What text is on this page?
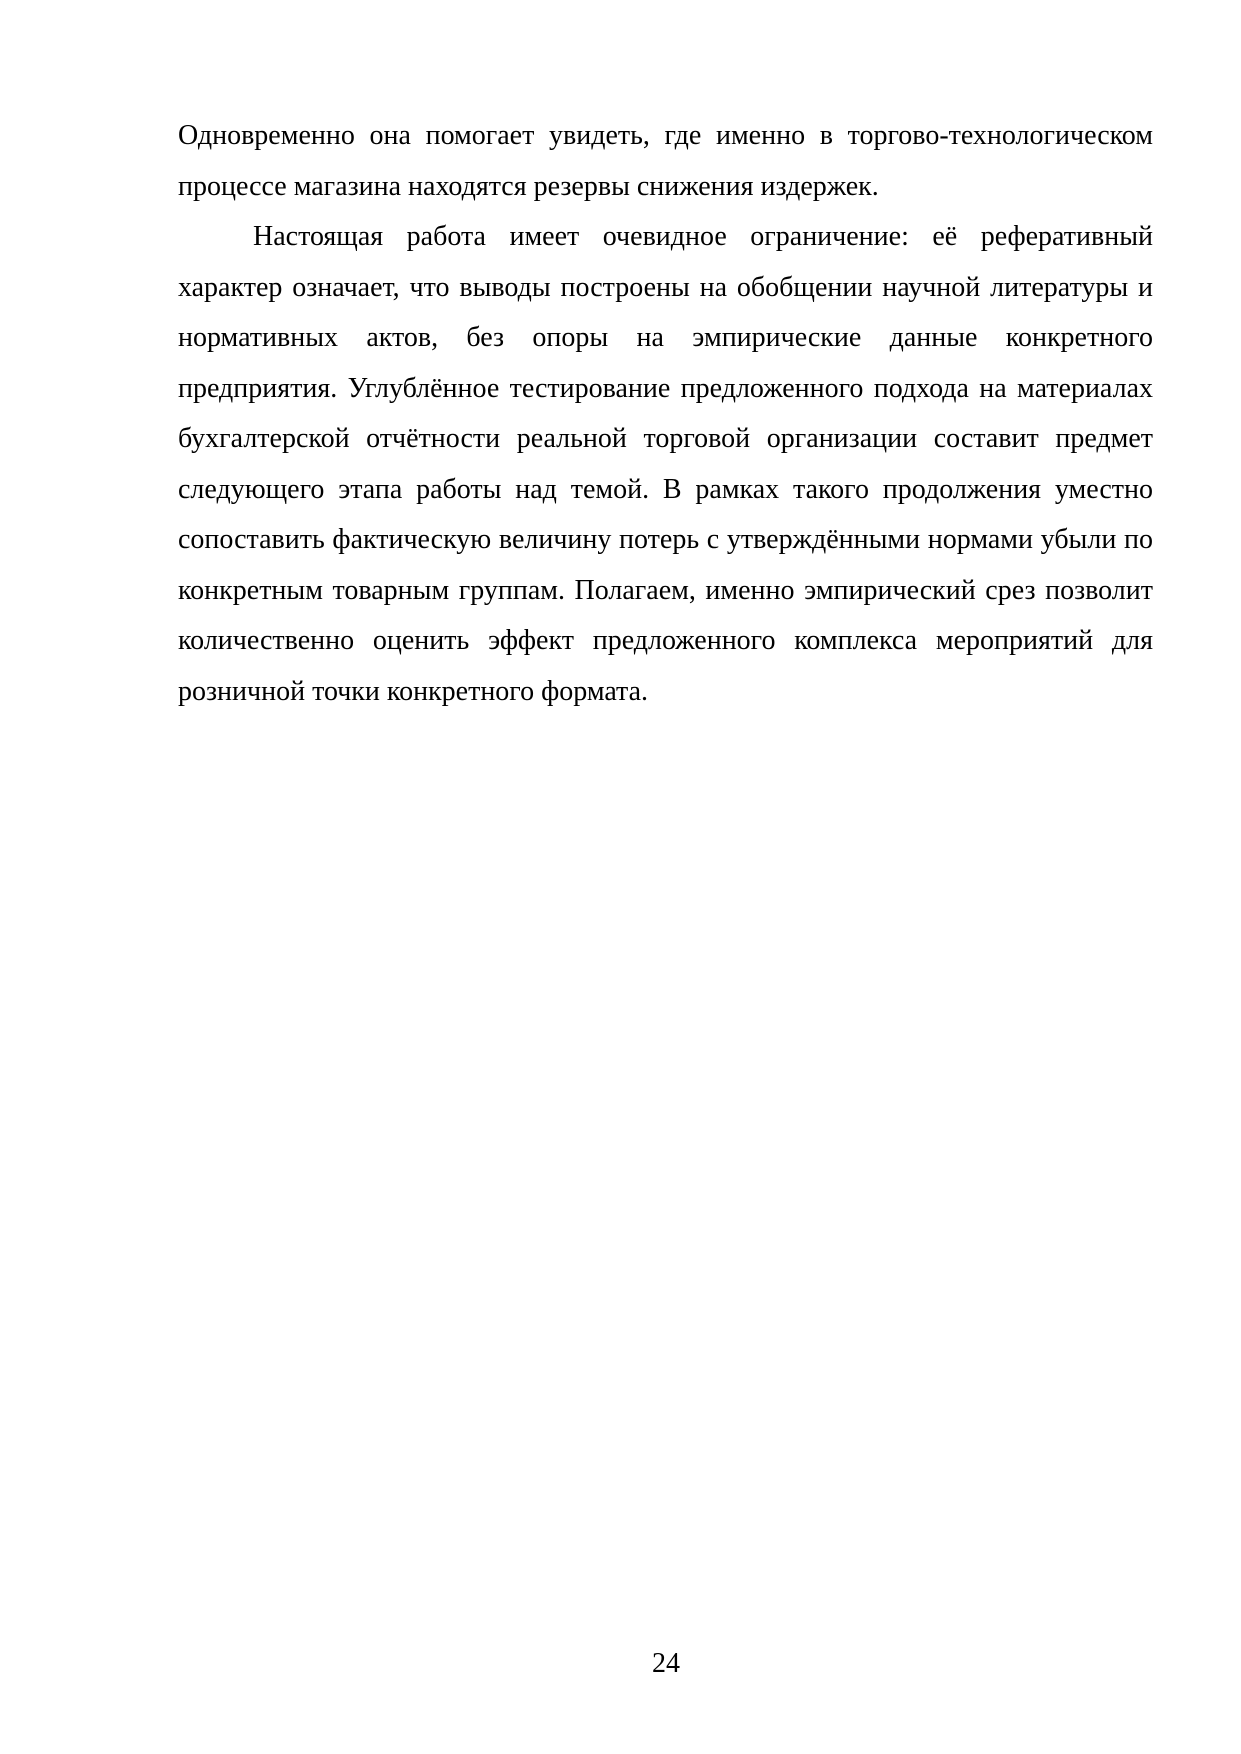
Одновременно она помогает увидеть, где именно в торгово-технологическом процессе магазина находятся резервы снижения издержек.

Настоящая работа имеет очевидное ограничение: её реферативный характер означает, что выводы построены на обобщении научной литературы и нормативных актов, без опоры на эмпирические данные конкретного предприятия. Углублённое тестирование предложенного подхода на материалах бухгалтерской отчётности реальной торговой организации составит предмет следующего этапа работы над темой. В рамках такого продолжения уместно сопоставить фактическую величину потерь с утверждёнными нормами убыли по конкретным товарным группам. Полагаем, именно эмпирический срез позволит количественно оценить эффект предложенного комплекса мероприятий для розничной точки конкретного формата.

24
